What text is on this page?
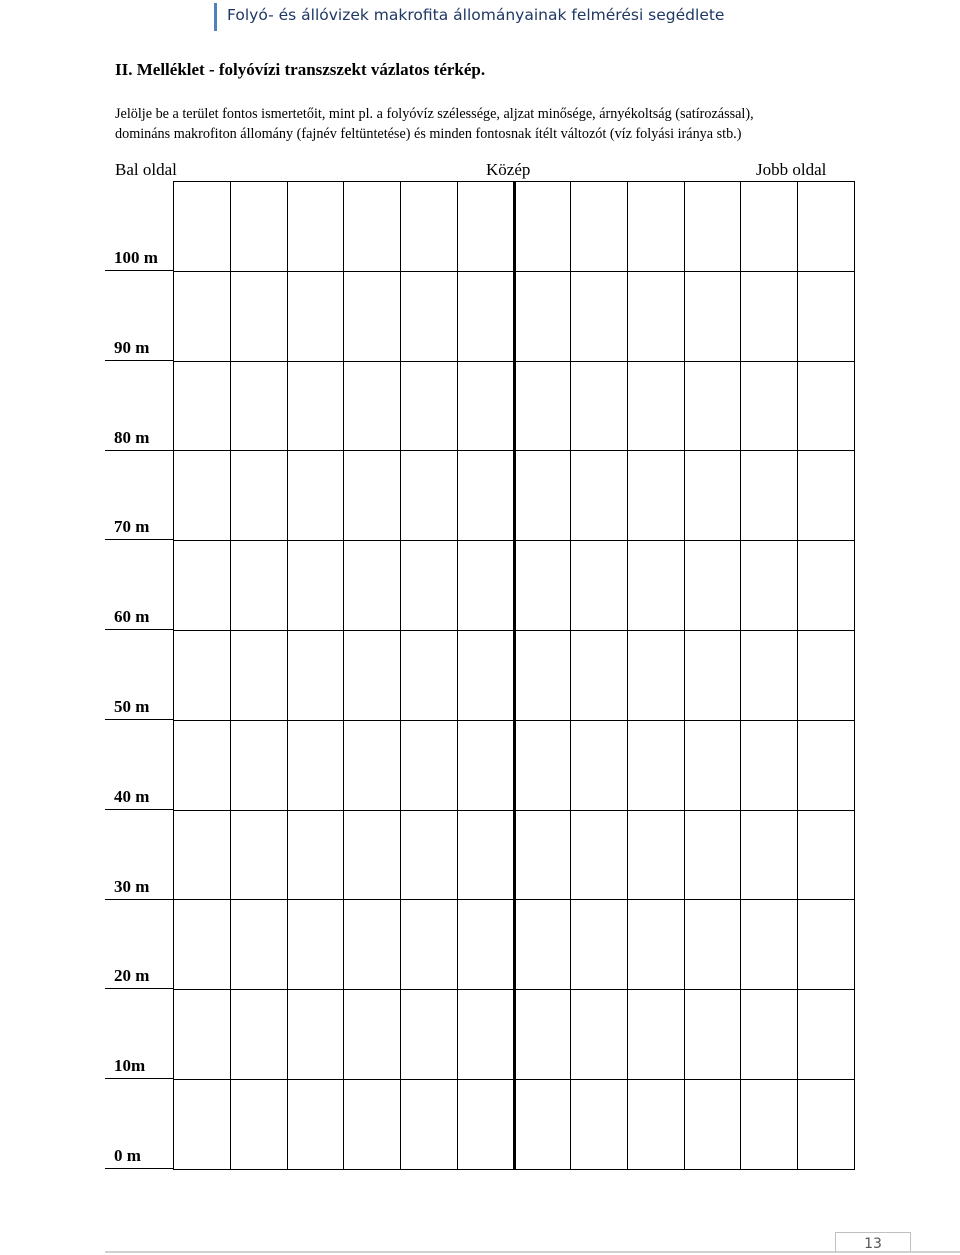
Folyó- és állóvizek makrofita állományainak felmérési segédlete
II. Melléklet - folyóvízi transzszekt vázlatos térkép.
Jelölje be a terület fontos ismertetőit, mint pl. a folyóvíz szélessége, aljzat minősége, árnyékoltság (satírozással),
domináns makrofiton állomány (fajnév feltüntetése) és minden fontosnak ítélt változót (víz folyási iránya stb.)
Bal oldal	Közép	Jobb oldal
100 m
90 m
80 m
70 m
60 m
50 m
40 m
30 m
20 m
10m
0 m
13
